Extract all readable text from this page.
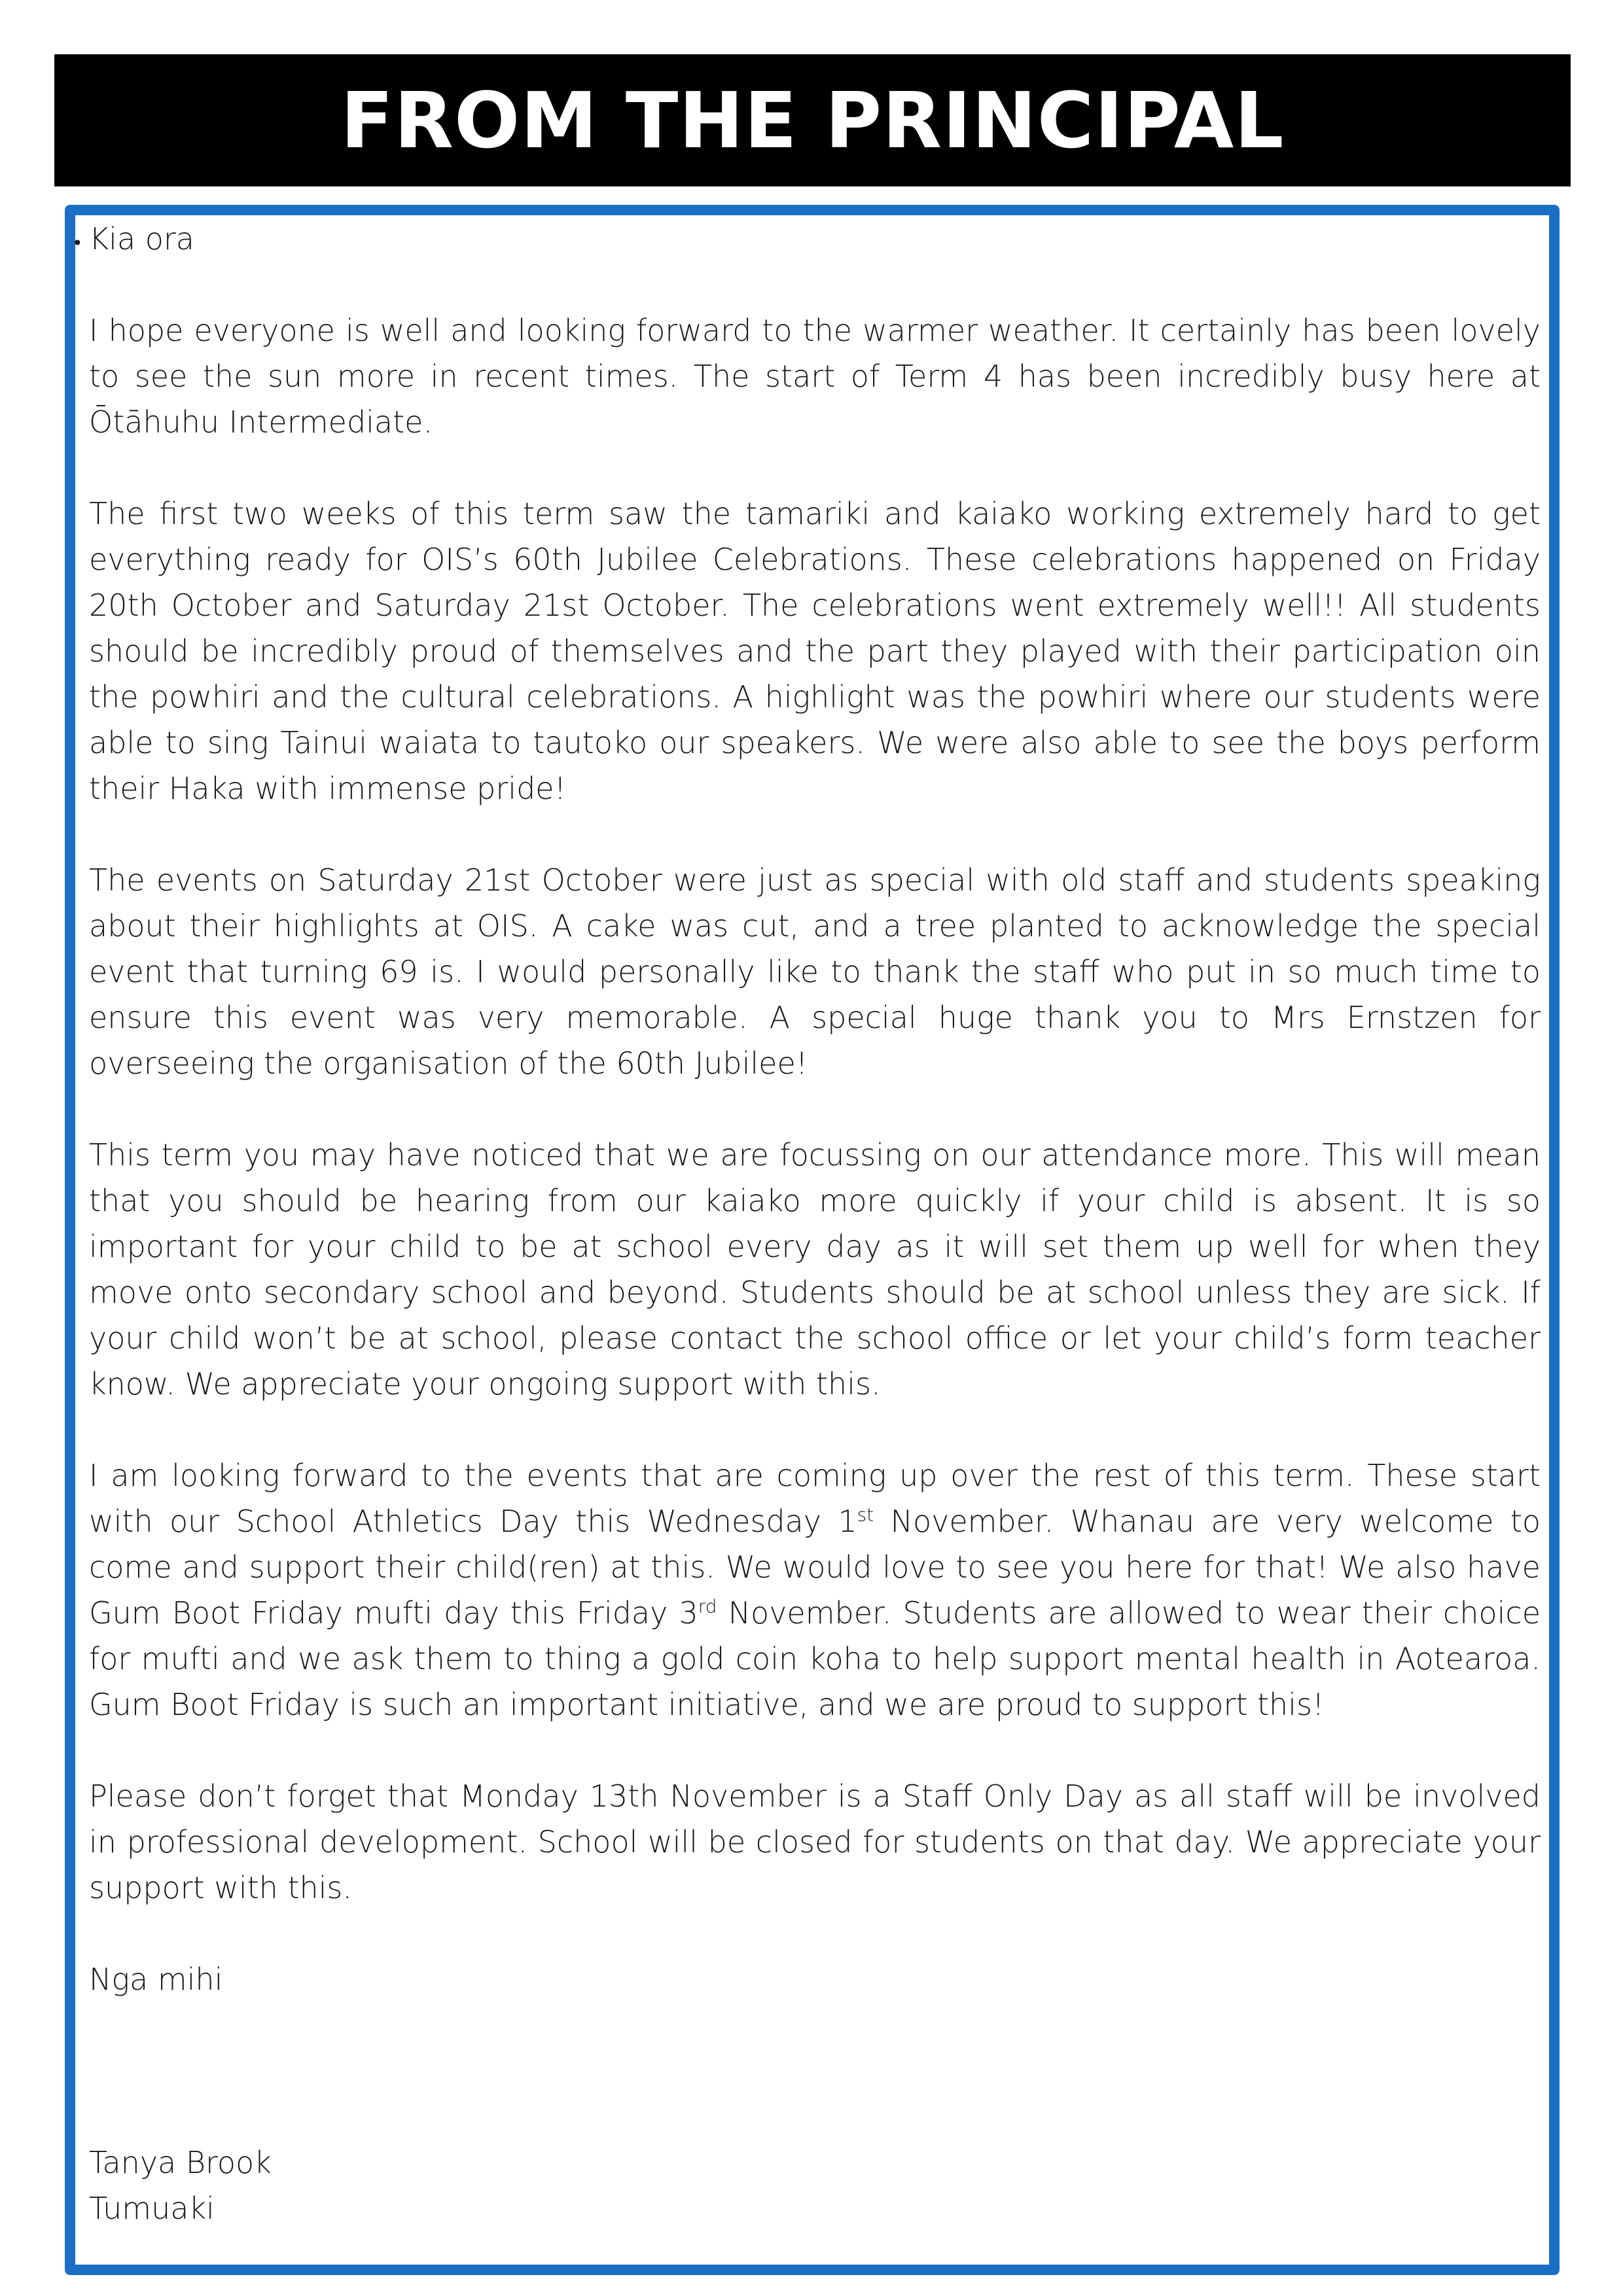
FROM THE PRINCIPAL
• Kia ora

I hope everyone is well and looking forward to the warmer weather. It certainly has been lovely to see the sun more in recent times. The start of Term 4 has been incredibly busy here at Ōtāhuhu Intermediate.

The first two weeks of this term saw the tamariki and kaiako working extremely hard to get everything ready for OIS’s 60th Jubilee Celebrations. These celebrations happened on Friday 20th October and Saturday 21st October. The celebrations went extremely well!! All students should be incredibly proud of themselves and the part they played with their participation oin the powhiri and the cultural celebrations. A highlight was the powhiri where our students were able to sing Tainui waiata to tautoko our speakers. We were also able to see the boys perform their Haka with immense pride!

The events on Saturday 21st October were just as special with old staff and students speaking about their highlights at OIS. A cake was cut, and a tree planted to acknowledge the special event that turning 69 is. I would personally like to thank the staff who put in so much time to ensure this event was very memorable. A special huge thank you to Mrs Ernstzen for overseeing the organisation of the 60th Jubilee!

This term you may have noticed that we are focussing on our attendance more. This will mean that you should be hearing from our kaiako more quickly if your child is absent. It is so important for your child to be at school every day as it will set them up well for when they move onto secondary school and beyond. Students should be at school unless they are sick. If your child won’t be at school, please contact the school office or let your child’s form teacher know. We appreciate your ongoing support with this.

I am looking forward to the events that are coming up over the rest of this term. These start with our School Athletics Day this Wednesday 1st November. Whanau are very welcome to come and support their child(ren) at this. We would love to see you here for that! We also have Gum Boot Friday mufti day this Friday 3rd November. Students are allowed to wear their choice for mufti and we ask them to thing a gold coin koha to help support mental health in Aotearoa. Gum Boot Friday is such an important initiative, and we are proud to support this!

Please don’t forget that Monday 13th November is a Staff Only Day as all staff will be involved in professional development. School will be closed for students on that day. We appreciate your support with this.

Nga mihi

Tanya Brook

Tumuaki
